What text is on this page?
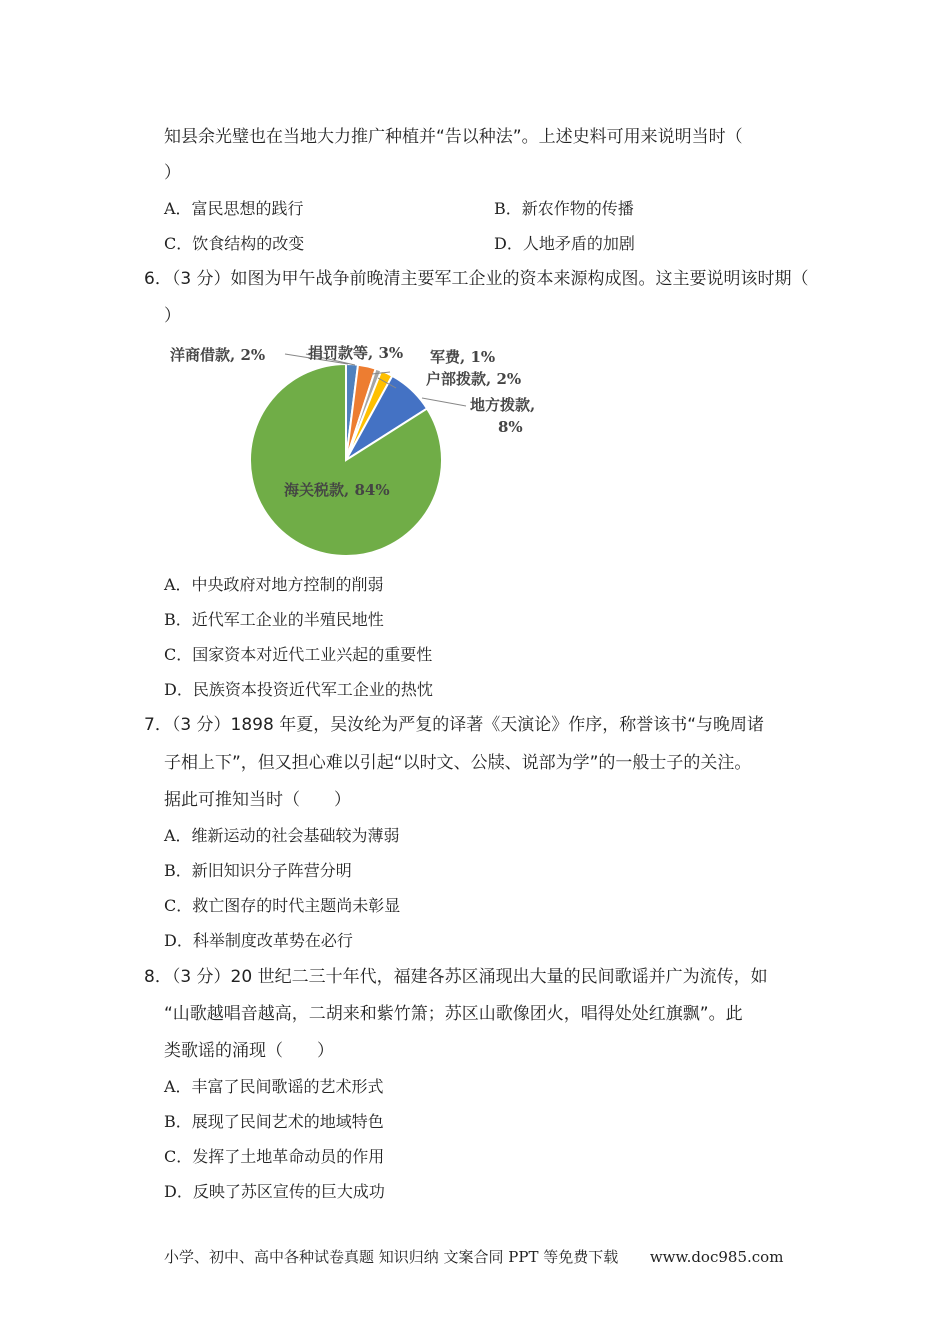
知县余光璧也在当地大力推广种植并“告以种法”。上述史料可用来说明当时（
）
A．富民思想的践行	B．新农作物的传播
C．饮食结构的改变	D．人地矛盾的加剧
6．（3 分）如图为甲午战争前晚清主要军工企业的资本来源构成图。这主要说明该时期（
）
洋商借款, 2%	捐罚款等, 3% 军费, 1%
户部拨款, 2%
地方拨款,
8%
海关税款, 84%
A．中央政府对地方控制的削弱
B．近代军工企业的半殖民地性
C．国家资本对近代工业兴起的重要性
D．民族资本投资近代军工企业的热忱
7．（3 分）1898 年夏，吴汝纶为严复的译著《天演论》作序，称誉该书“与晚周诸
子相上下”，但又担心难以引起“以时文、公牍、说部为学”的一般士子的关注。
据此可推知当时（　　）
A．维新运动的社会基础较为薄弱
B．新旧知识分子阵营分明
C．救亡图存的时代主题尚未彰显
D．科举制度改革势在必行
8．（3 分）20 世纪二三十年代，福建各苏区涌现出大量的民间歌谣并广为流传，如
“山歌越唱音越高，二胡来和紫竹箫；苏区山歌像团火，唱得处处红旗飘”。此
类歌谣的涌现（　　）
A．丰富了民间歌谣的艺术形式
B．展现了民间艺术的地域特色
C．发挥了土地革命动员的作用
D．反映了苏区宣传的巨大成功
小学、初中、高中各种试卷真题 知识归纳 文案合同 PPT 等免费下载 www.doc985.com
